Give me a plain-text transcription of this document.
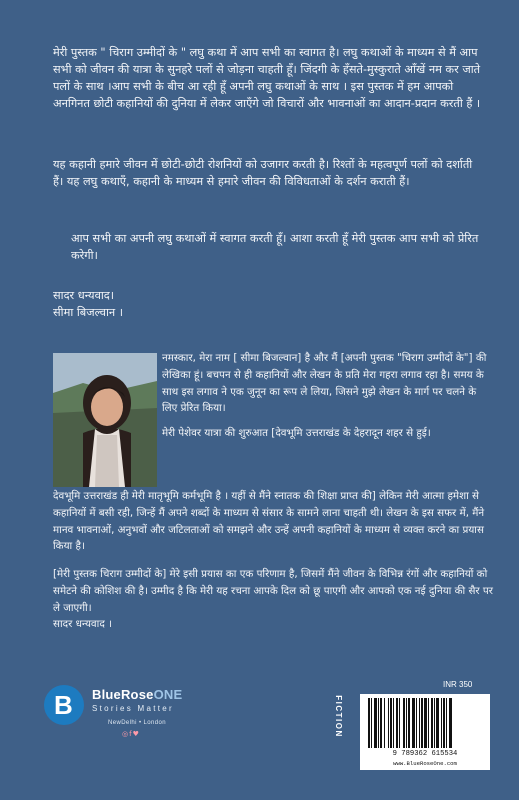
मेरी पुस्तक " चिराग उम्मीदों के " लघु कथा में आप सभी का स्वागत है। लघु कथाओं के माध्यम से मैं आप सभी को जीवन की यात्रा के सुनहरे पलों से जोड़ना चाहती हूँ। जिंदगी के हँसते-मुस्कुराते आँखें नम कर जाते पलों के साथ ।आप सभी के बीच आ रही हूँ अपनी लघु कथाओं के साथ । इस पुस्तक में हम आपको अनगिनत छोटी कहानियों की दुनिया में लेकर जाएँगे जो विचारों और भावनाओं का आदान-प्रदान करती हैं ।

यह कहानी हमारे जीवन में छोटी-छोटी रोशनियों को उजागर करती है। रिश्तों के महत्वपूर्ण पलों को दर्शाती हैं। यह लघु कथाएँ, कहानी के माध्यम से हमारे जीवन की विविधताओं के दर्शन कराती हैं।

आप सभी का अपनी लघु कथाओं में स्वागत करती हूँ। आशा करती हूँ मेरी पुस्तक आप सभी को प्रेरित करेगी।

सादर धन्यवाद।

सीमा बिजल्वान ।

नमस्कार, मेरा नाम [ सीमा बिजल्वान] है और मैं [अपनी पुस्तक "चिराग उम्मीदों के"] की लेखिका हूं। बचपन से ही कहानियों और लेखन के प्रति मेरा गहरा लगाव रहा है। समय के साथ इस लगाव ने एक जुनून का रूप ले लिया, जिसने मुझे लेखन के मार्ग पर चलने के लिए प्रेरित किया।

मेरी पेशेवर यात्रा की शुरुआत [देवभूमि उत्तराखंड के देहरादून शहर से हुई।

देवभूमि उत्तराखंड ही मेरी मातृभूमि कर्मभूमि है । यहीं से मैंने स्नातक की शिक्षा प्राप्त की] लेकिन मेरी आत्मा हमेशा से कहानियों में बसी रही, जिन्हें मैं अपने शब्दों के माध्यम से संसार के सामने लाना चाहती थी। लेखन के इस सफर में, मैंने मानव भावनाओं, अनुभवों और जटिलताओं को समझने और उन्हें अपनी कहानियों के माध्यम से व्यक्त करने का प्रयास किया है।

[मेरी पुस्तक चिराग उम्मीदों के] मेरे इसी प्रयास का एक परिणाम है, जिसमें मैंने जीवन के विभिन्न रंगों और कहानियों को समेटने की कोशिश की है। उम्मीद है कि मेरी यह रचना आपके दिल को छू पाएगी और आपको एक नई दुनिया की सैर पर ले जाएगी।

सादर धन्यवाद ।

B BlueRoseONE
Stories Matter
NewDelhi • London
◎f♥
INR 350
FICTION
9 789362 615534
www.BlueRoseOne.com
